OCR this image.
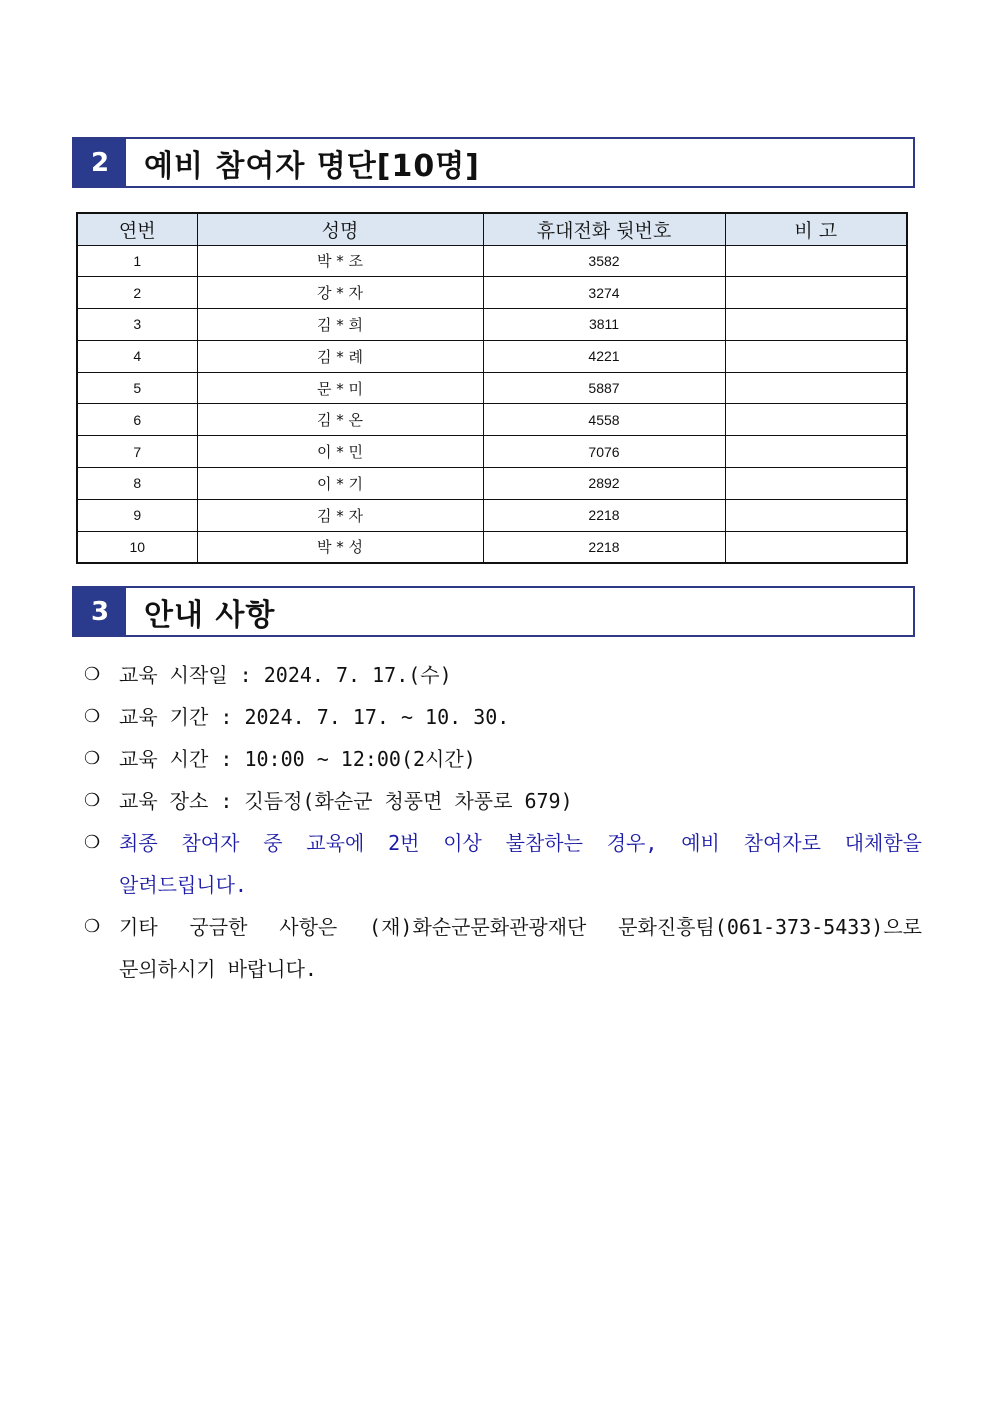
2	예비 참여자 명단[10명]
연번	성명	휴대전화 뒷번호	비 고
1	박 * 조	3582	
2	강 * 자	3274	
3	김 * 희	3811	
4	김 * 례	4221	
5	문 * 미	5887	
6	김 * 온	4558	
7	이 * 민	7076	
8	이 * 기	2892	
9	김 * 자	2218	
10	박 * 성	2218	
3	안내 사항
❍ 교육 시작일 : 2024. 7. 17.(수)
❍ 교육 기간 : 2024. 7. 17. ~ 10. 30.
❍ 교육 시간 : 10:00 ~ 12:00(2시간)
❍ 교육 장소 : 깃듬정(화순군 청풍면 차풍로 679)
❍ 최종 참여자 중 교육에 2번 이상 불참하는 경우, 예비 참여자로 대체함을
알려드립니다.
❍ 기타 궁금한 사항은 (재)화순군문화관광재단 문화진흥팀(061-373-5433)으로
문의하시기 바랍니다.
